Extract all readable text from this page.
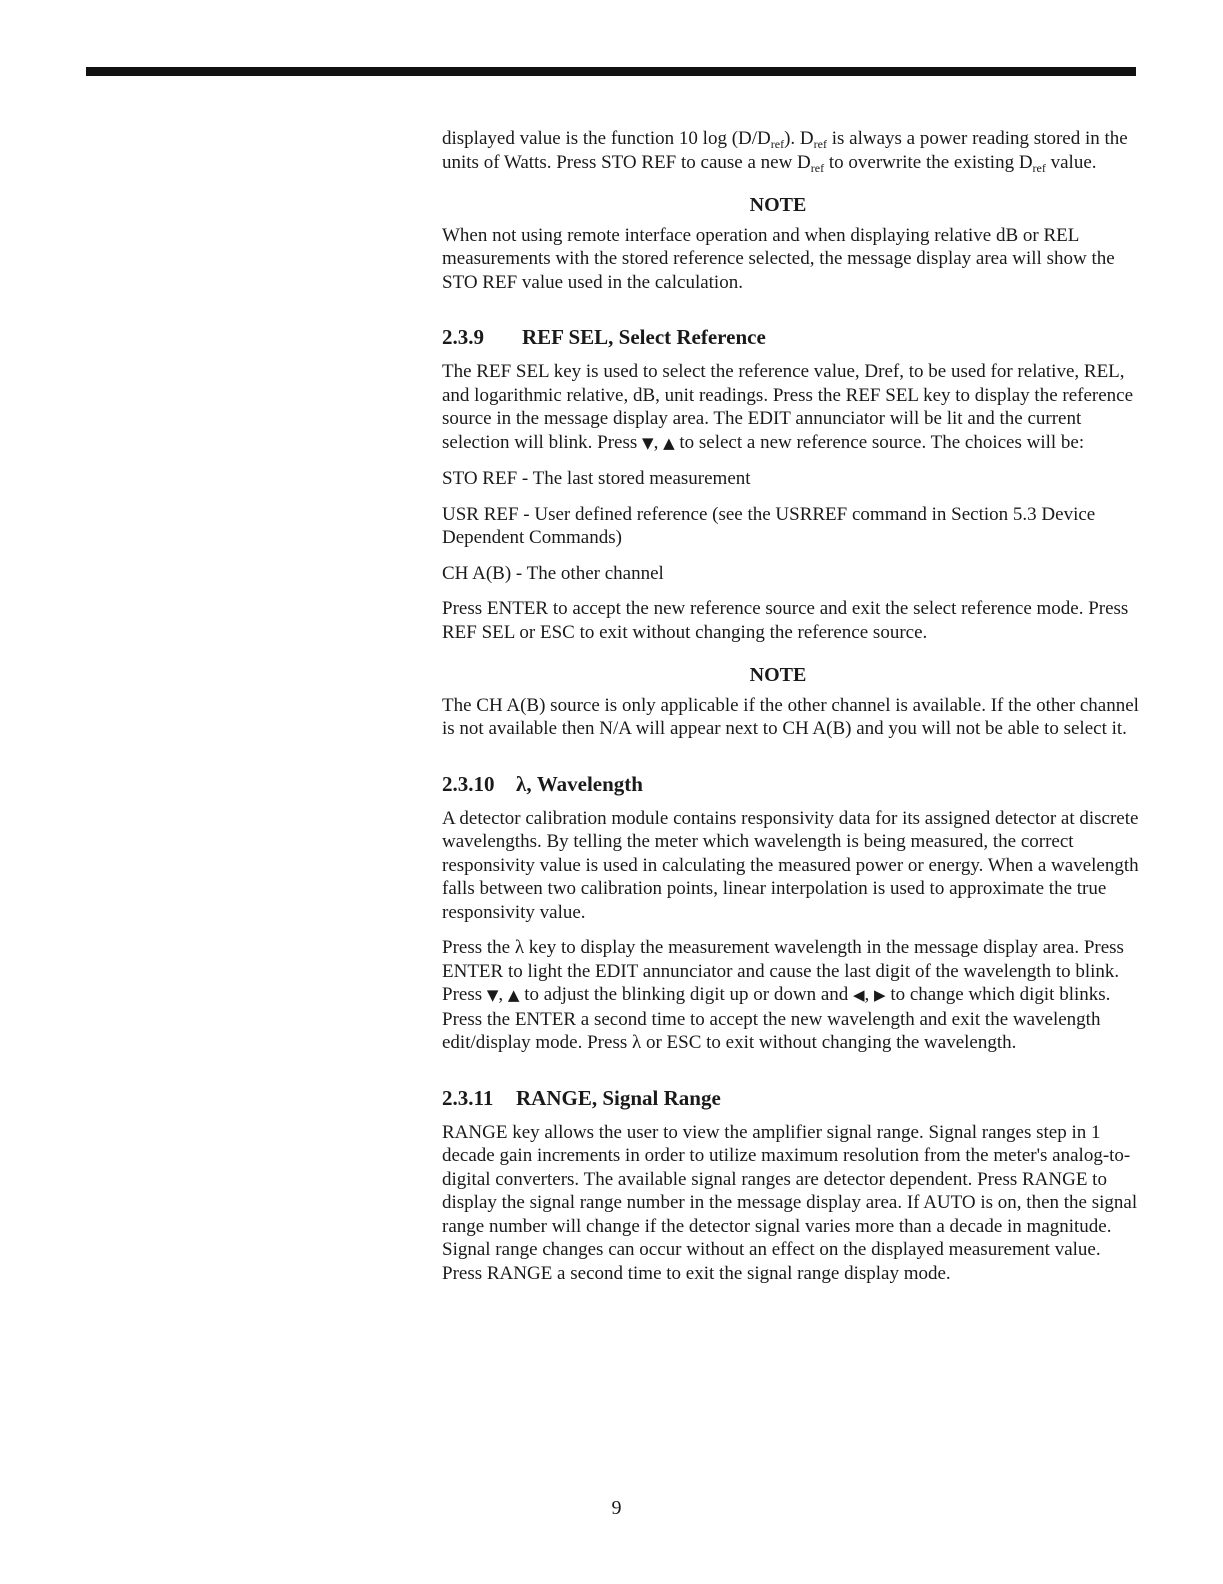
displayed value is the function 10 $\log (D/D_{ref})$. $D_{ref}$ is always a power reading stored in the units of Watts. Press STO REF to cause a new $D_{ref}$ to overwrite the existing $D_{ref}$ value.

NOTE

When not using remote interface operation and when displaying relative dB or REL measurements with the stored reference selected, the message display area will show the STO REF value used in the calculation.

2.3.9 REF SEL, Select Reference

The REF SEL key is used to select the reference value, Dref, to be used for relative, REL, and logarithmic relative, dB, unit readings. Press the REF SEL key to display the reference source in the message display area. The EDIT annunciator will be lit and the current selection will blink. Press ▼, ▲ to select a new reference source. The choices will be:

STO REF - The last stored measurement

USR REF - User defined reference (see the USRREF command in Section 5.3 Device Dependent Commands)

CH A(B) - The other channel

Press ENTER to accept the new reference source and exit the select reference mode. Press REF SEL or ESC to exit without changing the reference source.

NOTE

The CH A(B) source is only applicable if the other channel is available. If the other channel is not available then N/A will appear next to CH A(B) and you will not be able to select it.

2.3.10 λ, Wavelength

A detector calibration module contains responsivity data for its assigned detector at discrete wavelengths. By telling the meter which wavelength is being measured, the correct responsivity value is used in calculating the measured power or energy. When a wavelength falls between two calibration points, linear interpolation is used to approximate the true responsivity value.

Press the λ key to display the measurement wavelength in the message display area. Press ENTER to light the EDIT annunciator and cause the last digit of the wavelength to blink. Press ▼, ▲ to adjust the blinking digit up or down and ◀, ▶ to change which digit blinks. Press the ENTER a second time to accept the new wavelength and exit the wavelength edit/display mode. Press λ or ESC to exit without changing the wavelength.

2.3.11 RANGE, Signal Range

RANGE key allows the user to view the amplifier signal range. Signal ranges step in 1 decade gain increments in order to utilize maximum resolution from the meter's analog-to-digital converters. The available signal ranges are detector dependent. Press RANGE to display the signal range number in the message display area. If AUTO is on, then the signal range number will change if the detector signal varies more than a decade in magnitude. Signal range changes can occur without an effect on the displayed measurement value. Press RANGE a second time to exit the signal range display mode.

9
